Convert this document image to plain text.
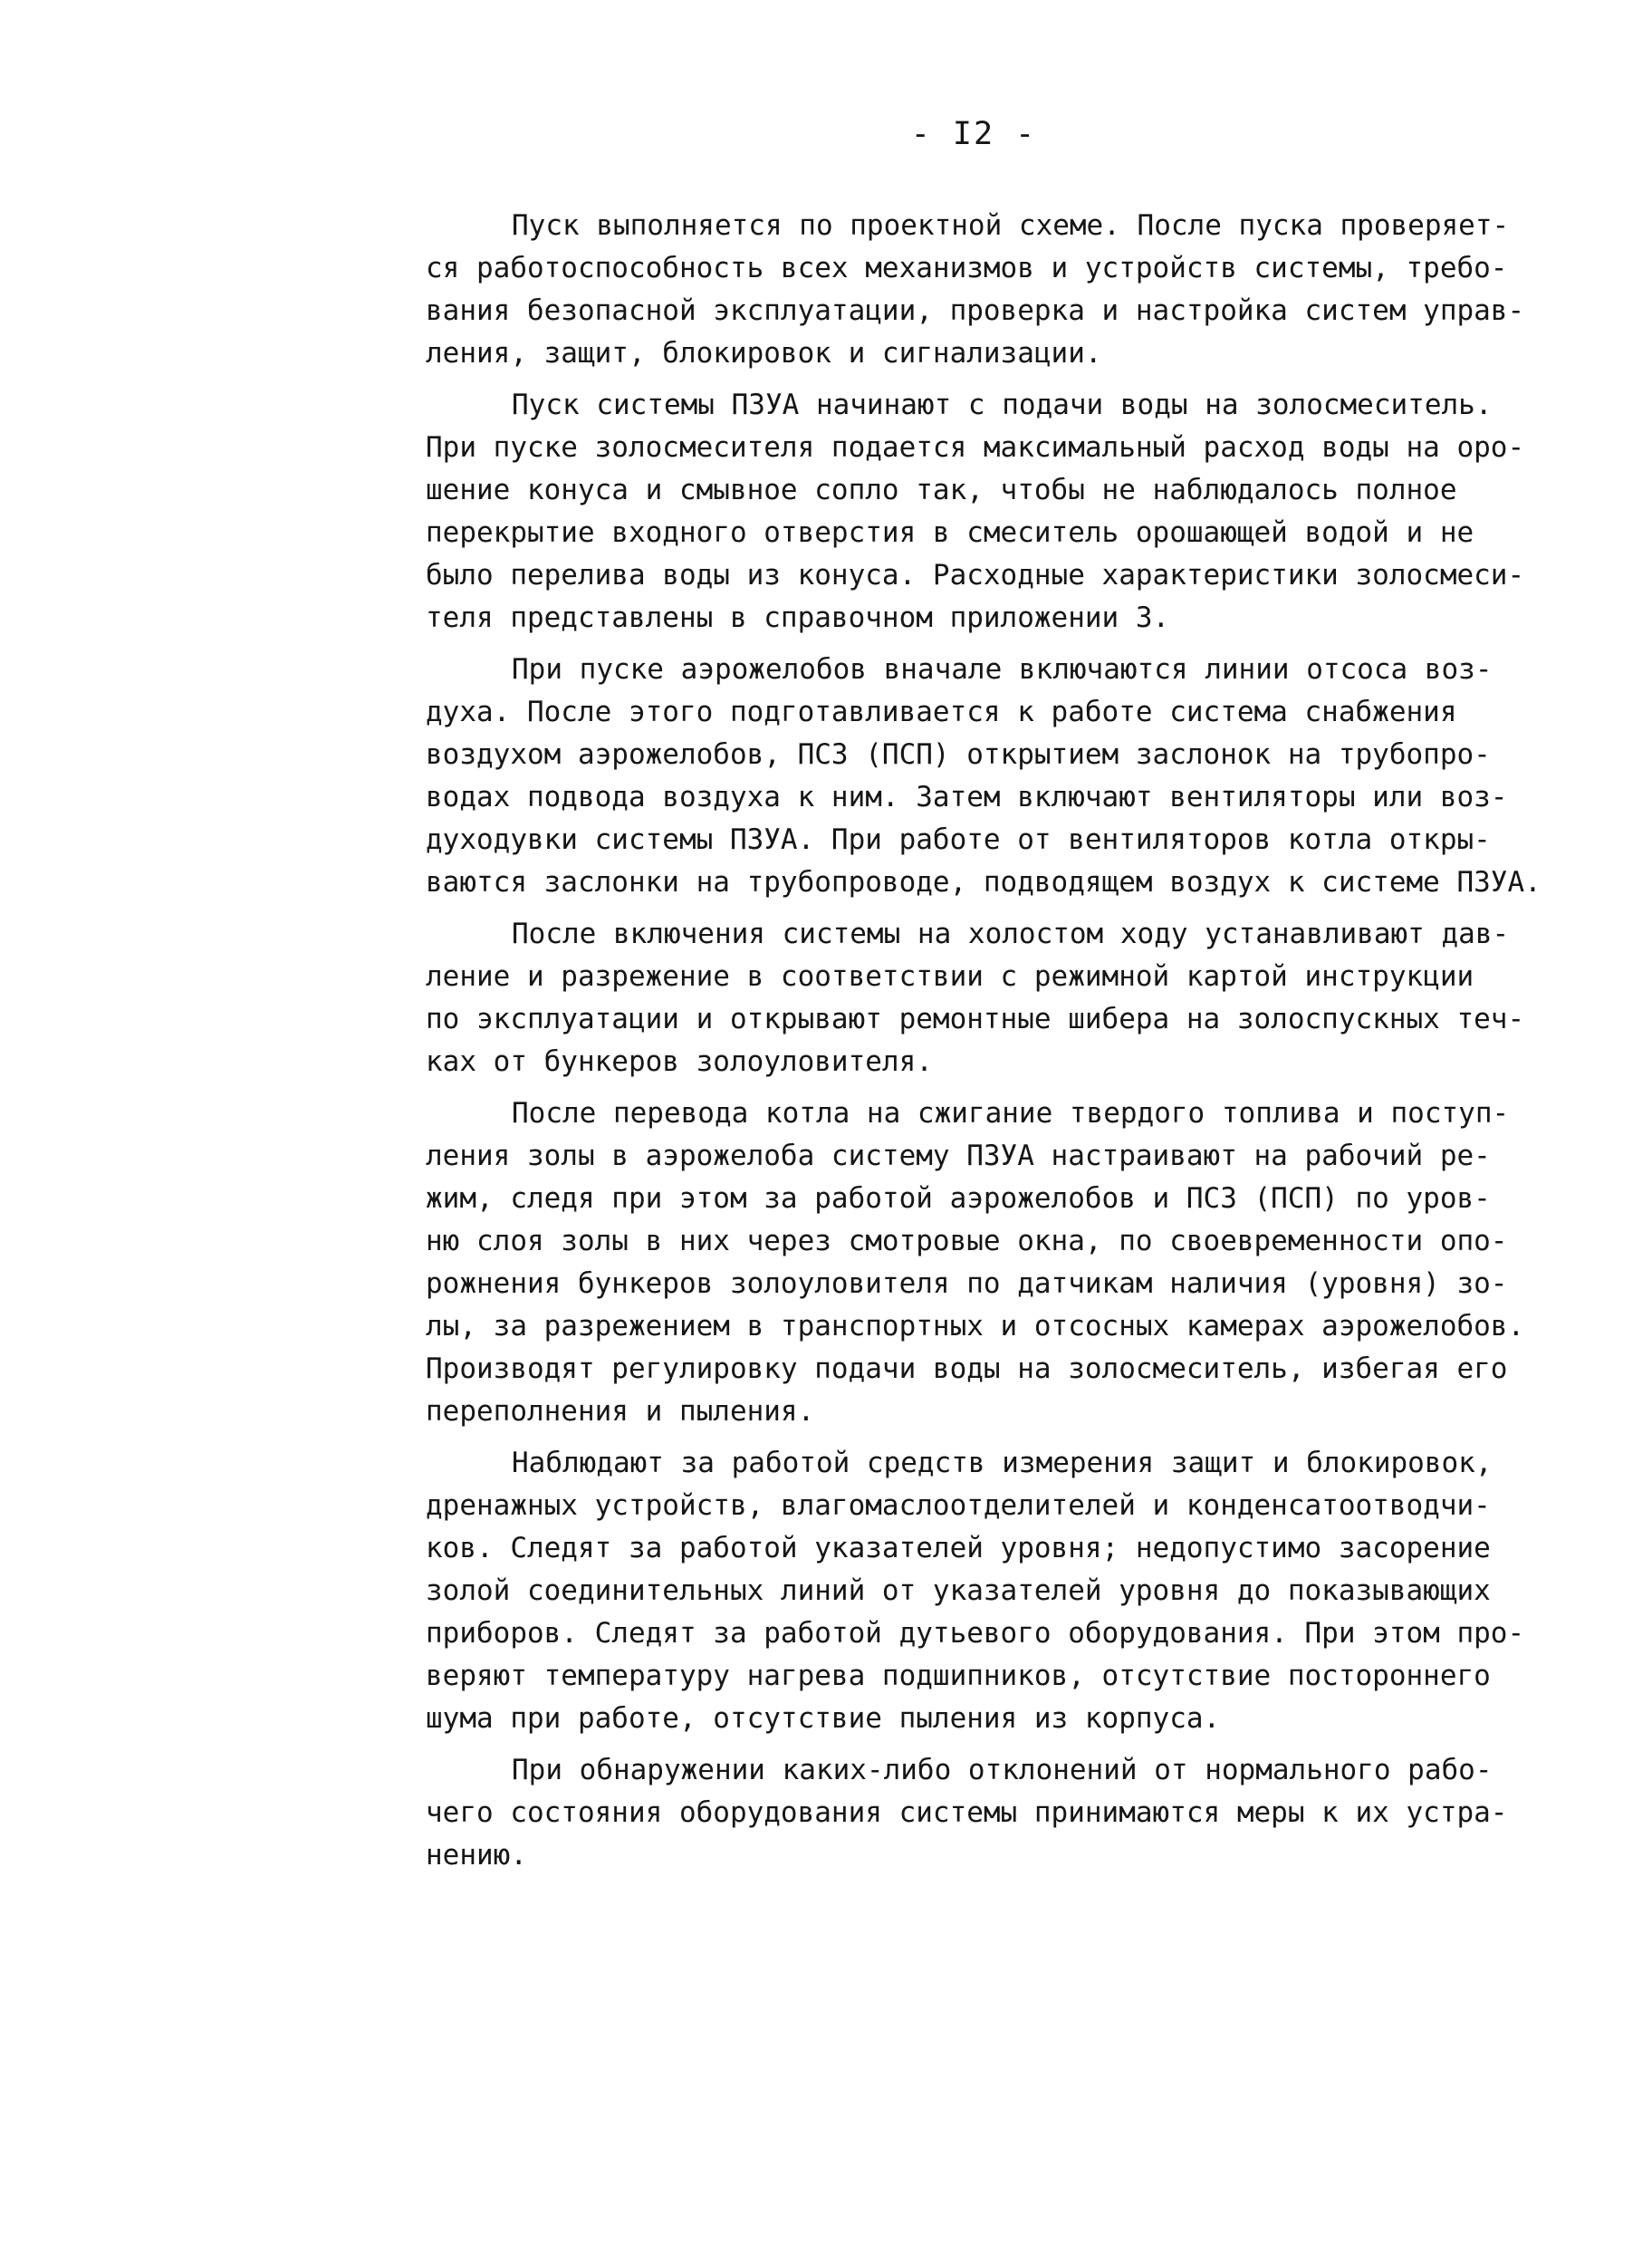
- I2 -
Пуск выполняется по проектной схеме. После пуска проверяет-
ся работоспособность всех механизмов и устройств системы, требо-
вания безопасной эксплуатации, проверка и настройка систем управ-
ления, защит, блокировок и сигнализации.
Пуск системы ПЗУА начинают с подачи воды на золосмеситель.
При пуске золосмесителя подается максимальный расход воды на оро-
шение конуса и смывное сопло так, чтобы не наблюдалось полное
перекрытие входного отверстия в смеситель орошающей водой и не
было перелива воды из конуса. Расходные характеристики золосмеси-
теля представлены в справочном приложении 3.
При пуске аэрожелобов вначале включаются линии отсоса воз-
духа. После этого подготавливается к работе система снабжения
воздухом аэрожелобов, ПСЗ (ПСП) открытием заслонок на трубопро-
водах подвода воздуха к ним. Затем включают вентиляторы или воз-
духодувки системы ПЗУА. При работе от вентиляторов котла откры-
ваются заслонки на трубопроводе, подводящем воздух к системе ПЗУА.
После включения системы на холостом ходу устанавливают дав-
ление и разрежение в соответствии с режимной картой инструкции
по эксплуатации и открывают ремонтные шибера на золоспускных теч-
ках от бункеров золоуловителя.
После перевода котла на сжигание твердого топлива и поступ-
ления золы в аэрожелоба систему ПЗУА настраивают на рабочий ре-
жим, следя при этом за работой аэрожелобов и ПСЗ (ПСП) по уров-
ню слоя золы в них через смотровые окна, по своевременности опо-
рожнения бункеров золоуловителя по датчикам наличия (уровня) зо-
лы, за разрежением в транспортных и отсосных камерах аэрожелобов.
Производят регулировку подачи воды на золосмеситель, избегая его
переполнения и пыления.
Наблюдают за работой средств измерения защит и блокировок,
дренажных устройств, влагомаслоотделителей и конденсатоотводчи-
ков. Следят за работой указателей уровня; недопустимо засорение
золой соединительных линий от указателей уровня до показывающих
приборов. Следят за работой дутьевого оборудования. При этом про-
веряют температуру нагрева подшипников, отсутствие постороннего
шума при работе, отсутствие пыления из корпуса.
При обнаружении каких-либо отклонений от нормального рабо-
чего состояния оборудования системы принимаются меры к их устра-
нению.
